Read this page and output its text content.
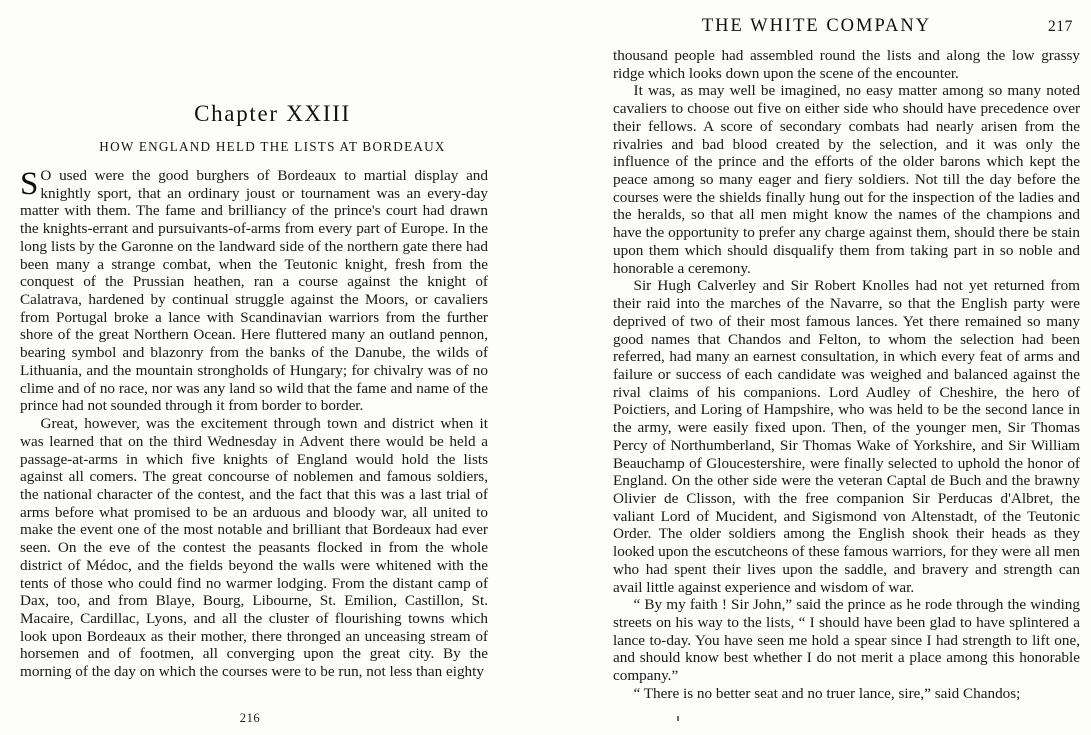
Chapter XXIII
HOW ENGLAND HELD THE LISTS AT BORDEAUX

S O used were the good burghers of Bordeaux to martial display and knightly sport, that an ordinary joust or tournament was an every-day matter with them. The fame and brilliancy of the prince's court had drawn the knights-errant and pursuivants-of-arms from every part of Europe. In the long lists by the Garonne on the landward side of the northern gate there had been many a strange combat, when the Teutonic knight, fresh from the conquest of the Prussian heathen, ran a course against the knight of Calatrava, hardened by continual struggle against the Moors, or cavaliers from Portugal broke a lance with Scandinavian warriors from the further shore of the great Northern Ocean. Here fluttered many an outland pennon, bearing symbol and blazonry from the banks of the Danube, the wilds of Lithuania, and the mountain strongholds of Hungary; for chivalry was of no clime and of no race, nor was any land so wild that the fame and name of the prince had not sounded through it from border to border.

Great, however, was the excitement through town and district when it was learned that on the third Wednesday in Advent there would be held a passage-at-arms in which five knights of England would hold the lists against all comers. The great concourse of noblemen and famous soldiers, the national character of the contest, and the fact that this was a last trial of arms before what promised to be an arduous and bloody war, all united to make the event one of the most notable and brilliant that Bordeaux had ever seen. On the eve of the contest the peasants flocked in from the whole district of Médoc, and the fields beyond the walls were whitened with the tents of those who could find no warmer lodging. From the distant camp of Dax, too, and from Blaye, Bourg, Libourne, St. Emilion, Castillon, St. Macaire, Cardillac, Lyons, and all the cluster of flourishing towns which look upon Bordeaux as their mother, there thronged an unceasing stream of horsemen and of footmen, all converging upon the great city. By the morning of the day on which the courses were to be run, not less than eighty

216
THE WHITE COMPANY	217

thousand people had assembled round the lists and along the low grassy ridge which looks down upon the scene of the encounter.

It was, as may well be imagined, no easy matter among so many noted cavaliers to choose out five on either side who should have precedence over their fellows. A score of secondary combats had nearly arisen from the rivalries and bad blood created by the selection, and it was only the influence of the prince and the efforts of the older barons which kept the peace among so many eager and fiery soldiers. Not till the day before the courses were the shields finally hung out for the inspection of the ladies and the heralds, so that all men might know the names of the champions and have the opportunity to prefer any charge against them, should there be stain upon them which should disqualify them from taking part in so noble and honorable a ceremony.

Sir Hugh Calverley and Sir Robert Knolles had not yet returned from their raid into the marches of the Navarre, so that the English party were deprived of two of their most famous lances. Yet there remained so many good names that Chandos and Felton, to whom the selection had been referred, had many an earnest consultation, in which every feat of arms and failure or success of each candidate was weighed and balanced against the rival claims of his companions. Lord Audley of Cheshire, the hero of Poictiers, and Loring of Hampshire, who was held to be the second lance in the army, were easily fixed upon. Then, of the younger men, Sir Thomas Percy of Northumberland, Sir Thomas Wake of Yorkshire, and Sir William Beauchamp of Gloucestershire, were finally selected to uphold the honor of England. On the other side were the veteran Captal de Buch and the brawny Olivier de Clisson, with the free companion Sir Perducas d'Albret, the valiant Lord of Mucident, and Sigismond von Altenstadt, of the Teutonic Order. The older soldiers among the English shook their heads as they looked upon the escutcheons of these famous warriors, for they were all men who had spent their lives upon the saddle, and bravery and strength can avail little against experience and wisdom of war.

“ By my faith ! Sir John,” said the prince as he rode through the winding streets on his way to the lists, “ I should have been glad to have splintered a lance to-day. You have seen me hold a spear since I had strength to lift one, and should know best whether I do not merit a place among this honorable company.”

“ There is no better seat and no truer lance, sire,” said Chandos;
